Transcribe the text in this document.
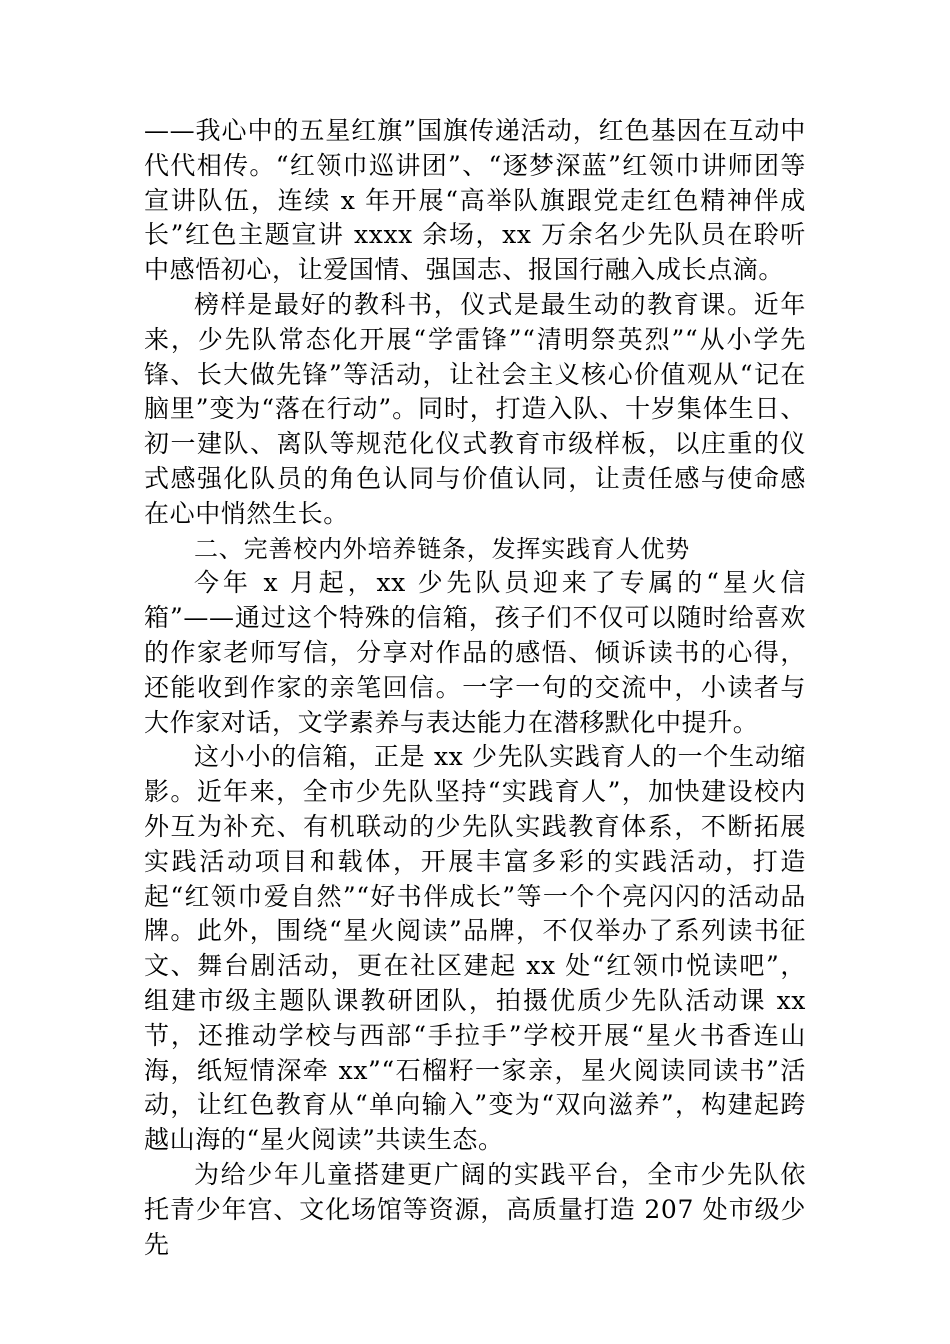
——我心中的五星红旗”国旗传递活动，红色基因在互动中代代相传。“红领巾巡讲团”、“逐梦深蓝”红领巾讲师团等宣讲队伍，连续 x 年开展“高举队旗跟党走红色精神伴成长”红色主题宣讲 xxxx 余场，xx 万余名少先队员在聆听中感悟初心，让爱国情、强国志、报国行融入成长点滴。

榜样是最好的教科书，仪式是最生动的教育课。近年来，少先队常态化开展“学雷锋”“清明祭英烈”“从小学先锋、长大做先锋”等活动，让社会主义核心价值观从“记在脑里”变为“落在行动”。同时，打造入队、十岁集体生日、初一建队、离队等规范化仪式教育市级样板，以庄重的仪式感强化队员的角色认同与价值认同，让责任感与使命感在心中悄然生长。

二、完善校内外培养链条，发挥实践育人优势

今年 x 月起，xx 少先队员迎来了专属的“星火信箱”——通过这个特殊的信箱，孩子们不仅可以随时给喜欢的作家老师写信，分享对作品的感悟、倾诉读书的心得，还能收到作家的亲笔回信。一字一句的交流中，小读者与大作家对话，文学素养与表达能力在潜移默化中提升。

这小小的信箱，正是 xx 少先队实践育人的一个生动缩影。近年来，全市少先队坚持“实践育人”，加快建设校内外互为补充、有机联动的少先队实践教育体系，不断拓展实践活动项目和载体，开展丰富多彩的实践活动，打造起“红领巾爱自然”“好书伴成长”等一个个亮闪闪的活动品牌。此外，围绕“星火阅读”品牌，不仅举办了系列读书征文、舞台剧活动，更在社区建起 xx 处“红领巾悦读吧”，组建市级主题队课教研团队，拍摄优质少先队活动课 xx 节，还推动学校与西部“手拉手”学校开展“星火书香连山海，纸短情深牵 xx”“石榴籽一家亲，星火阅读同读书”活动，让红色教育从“单向输入”变为“双向滋养”，构建起跨越山海的“星火阅读”共读生态。

为给少年儿童搭建更广阔的实践平台，全市少先队依托青少年宫、文化场馆等资源，高质量打造 207 处市级少先
